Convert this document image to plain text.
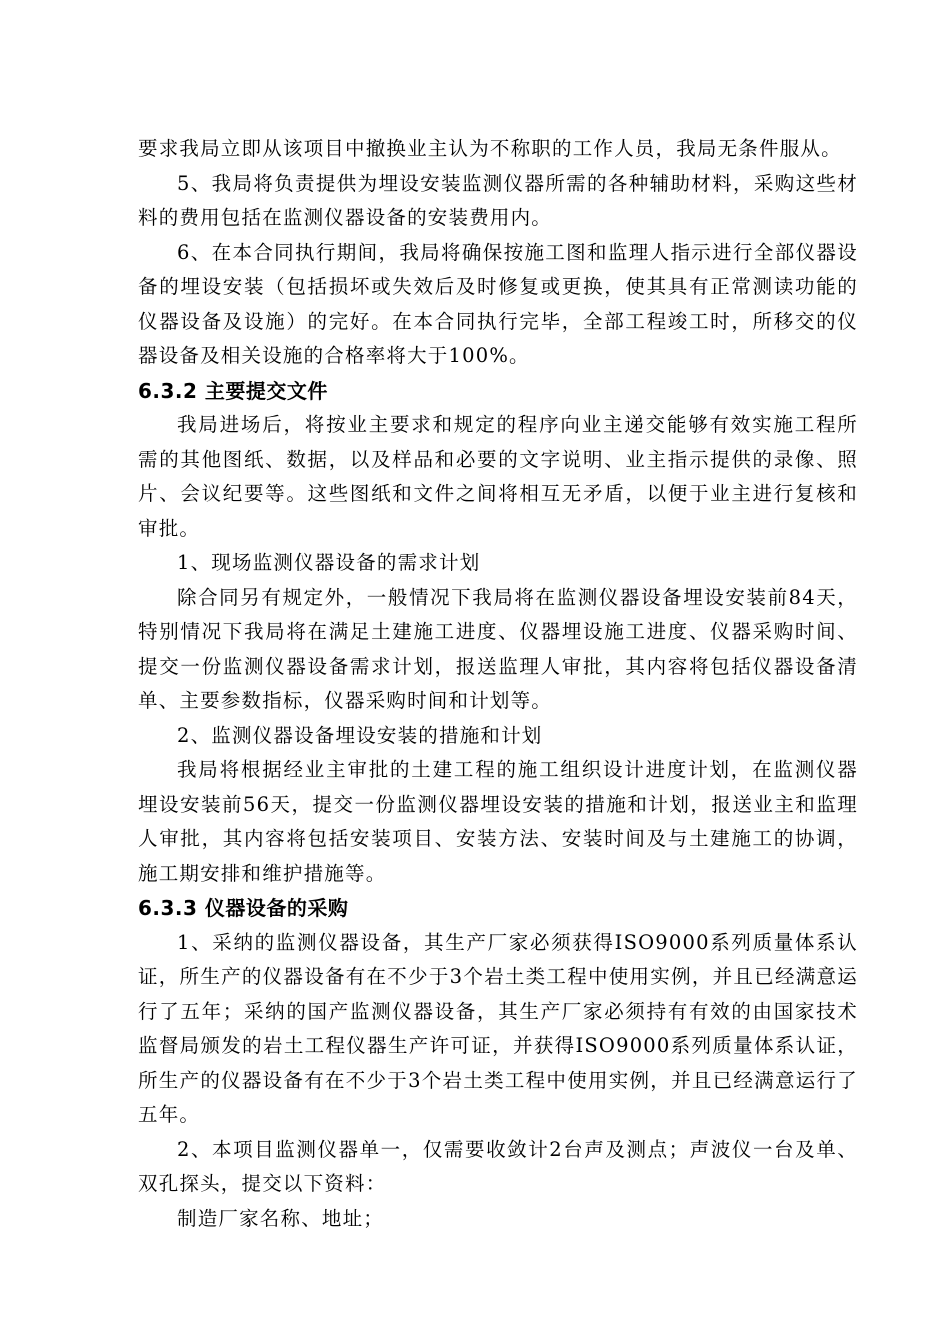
要求我局立即从该项目中撤换业主认为不称职的工作人员，我局无条件服从。

5、我局将负责提供为埋设安装监测仪器所需的各种辅助材料，采购这些材料的费用包括在监测仪器设备的安装费用内。

6、在本合同执行期间，我局将确保按施工图和监理人指示进行全部仪器设备的埋设安装（包括损坏或失效后及时修复或更换，使其具有正常测读功能的仪器设备及设施）的完好。在本合同执行完毕，全部工程竣工时，所移交的仪器设备及相关设施的合格率将大于100%。

6.3.2 主要提交文件

我局进场后，将按业主要求和规定的程序向业主递交能够有效实施工程所需的其他图纸、数据，以及样品和必要的文字说明、业主指示提供的录像、照片、会议纪要等。这些图纸和文件之间将相互无矛盾，以便于业主进行复核和审批。

1、现场监测仪器设备的需求计划

除合同另有规定外，一般情况下我局将在监测仪器设备埋设安装前84天，特别情况下我局将在满足土建施工进度、仪器埋设施工进度、仪器采购时间、提交一份监测仪器设备需求计划，报送监理人审批，其内容将包括仪器设备清单、主要参数指标，仪器采购时间和计划等。

2、监测仪器设备埋设安装的措施和计划

我局将根据经业主审批的土建工程的施工组织设计进度计划，在监测仪器埋设安装前56天，提交一份监测仪器埋设安装的措施和计划，报送业主和监理人审批，其内容将包括安装项目、安装方法、安装时间及与土建施工的协调，施工期安排和维护措施等。

6.3.3 仪器设备的采购

1、采纳的监测仪器设备，其生产厂家必须获得ISO9000系列质量体系认证，所生产的仪器设备有在不少于3个岩土类工程中使用实例，并且已经满意运行了五年；采纳的国产监测仪器设备，其生产厂家必须持有有效的由国家技术监督局颁发的岩土工程仪器生产许可证，并获得ISO9000系列质量体系认证，所生产的仪器设备有在不少于3个岩土类工程中使用实例，并且已经满意运行了五年。

2、本项目监测仪器单一，仅需要收敛计2台声及测点；声波仪一台及单、双孔探头，提交以下资料：

制造厂家名称、地址；
